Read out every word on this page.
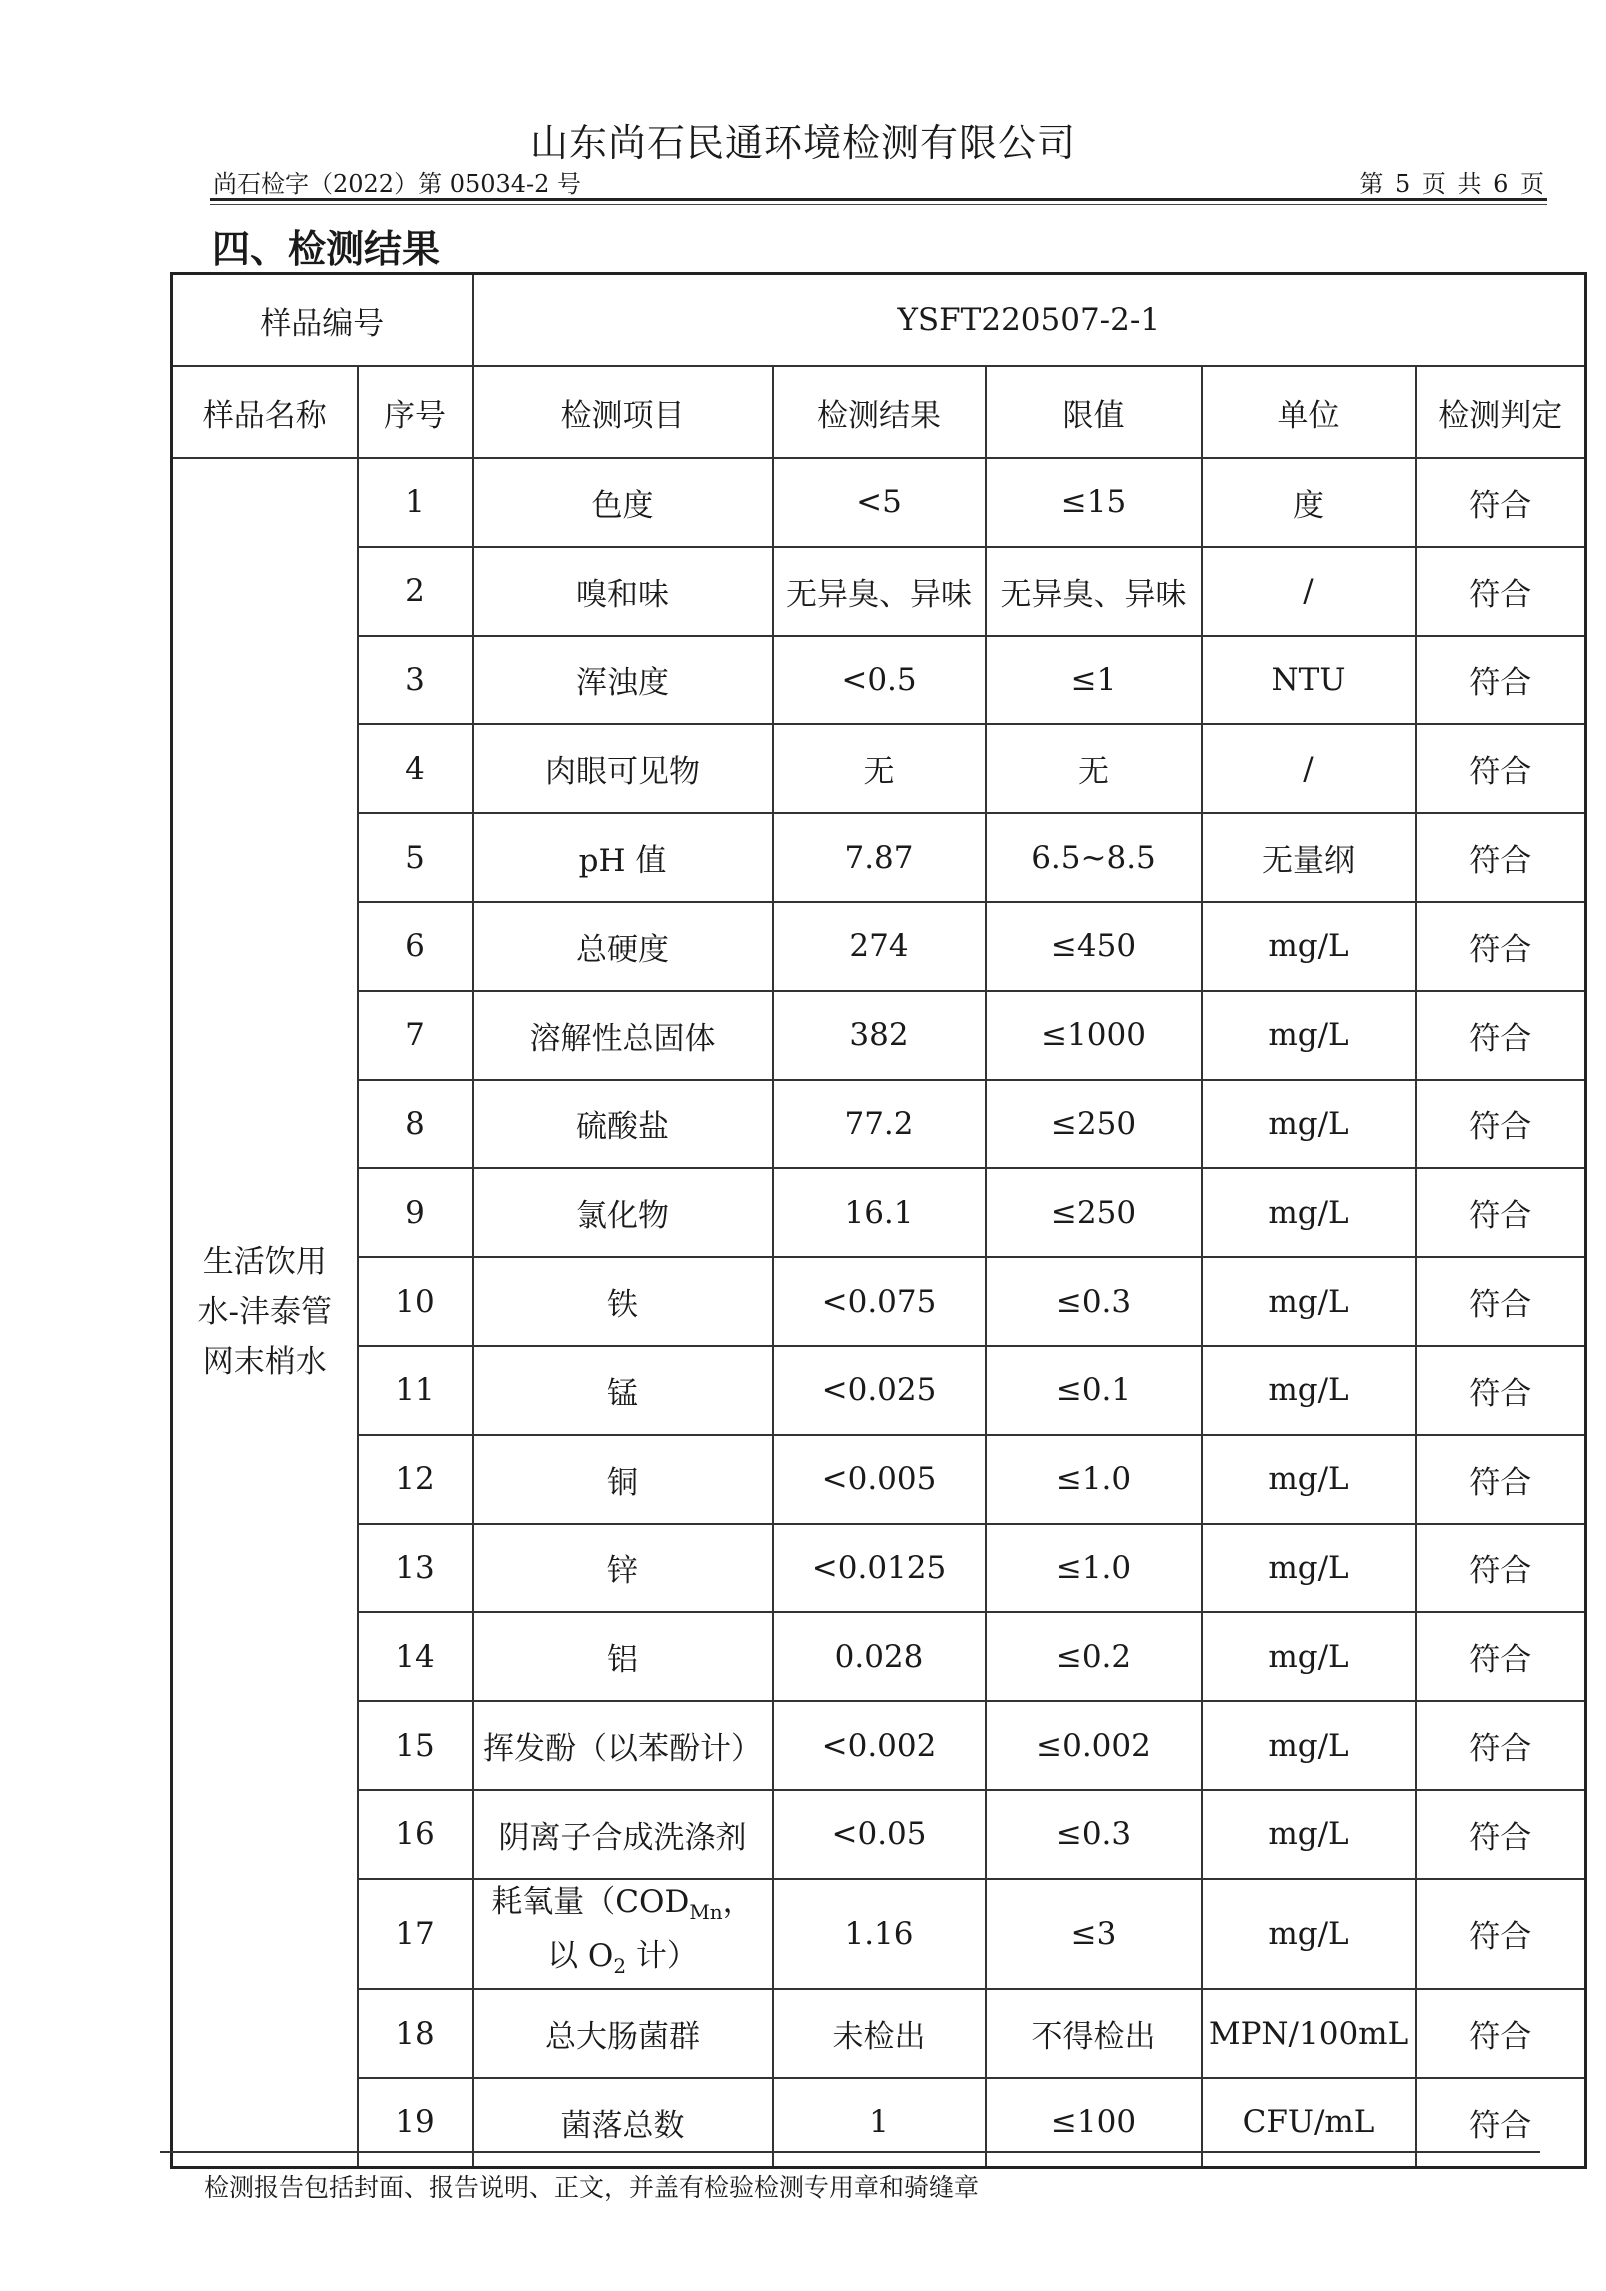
山东尚石民通环境检测有限公司
尚石检字（2022）第 05034-2 号	第 5 页 共 6 页
四、检测结果
样品编号		YSFT220507-2-1				
样品名称	序号	检测项目	检测结果	限值	单位	检测判定

生活饮用
水-沣泰管
网末梢水	1	色度	<5	≤15	度	符合
	2	嗅和味	无异臭、异味	无异臭、异味	/	符合
	3	浑浊度	<0.5	≤1	NTU	符合
	4	肉眼可见物	无	无	/	符合
	5	pH 值	7.87	6.5~8.5	无量纲	符合
	6	总硬度	274	≤450	mg/L	符合
	7	溶解性总固体	382	≤1000	mg/L	符合
	8	硫酸盐	77.2	≤250	mg/L	符合
	9	氯化物	16.1	≤250	mg/L	符合
	10	铁	<0.075	≤0.3	mg/L	符合
	11	锰	<0.025	≤0.1	mg/L	符合
	12	铜	<0.005	≤1.0	mg/L	符合
	13	锌	<0.0125	≤1.0	mg/L	符合
	14	铝	0.028	≤0.2	mg/L	符合
	15	挥发酚（以苯酚计）	<0.002	≤0.002	mg/L	符合
	16	阴离子合成洗涤剂	<0.05	≤0.3	mg/L	符合
	17	耗氧量（$COD_{Mn}$，
以 $O_2$ 计）	1.16	≤3	mg/L	符合
	18	总大肠菌群	未检出	不得检出	MPN/100mL	符合
	19	菌落总数	1	≤100	CFU/mL	符合
检测报告包括封面、报告说明、正文，并盖有检验检测专用章和骑缝章
